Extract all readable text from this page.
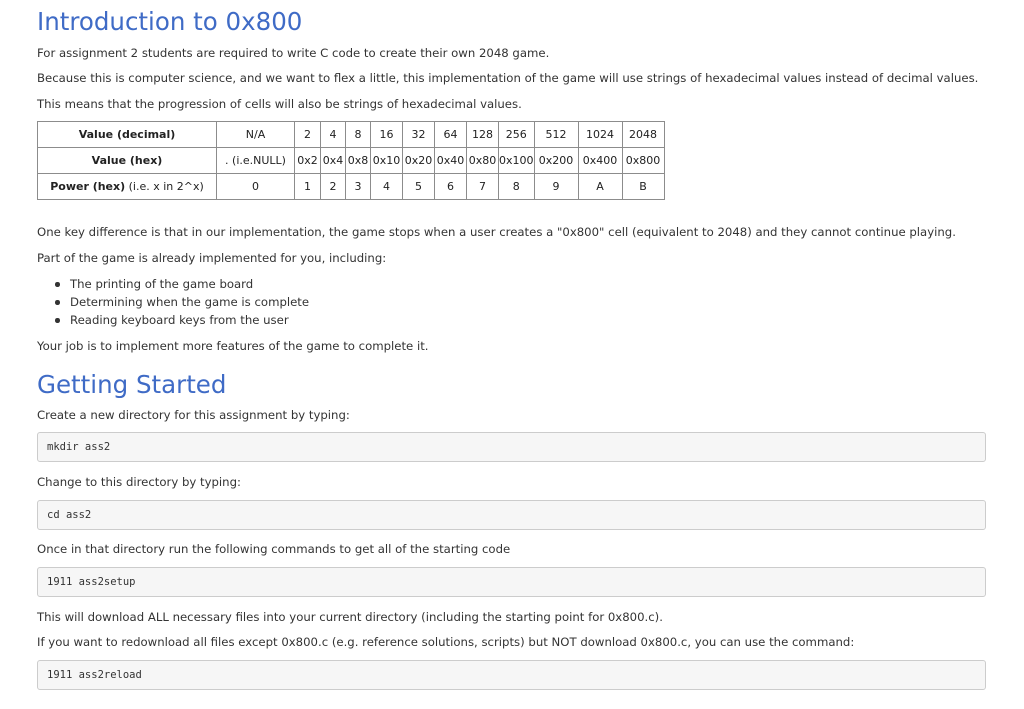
Introduction to 0x800

For assignment 2 students are required to write C code to create their own 2048 game.

Because this is computer science, and we want to flex a little, this implementation of the game will use strings of hexadecimal values instead of decimal values.

This means that the progression of cells will also be strings of hexadecimal values.

Value (decimal)	N/A	2	4	8	16	32	64	128	256	512	1024	2048
Value (hex)	. (i.e.NULL)	0x2	0x4	0x8	0x10	0x20	0x40	0x80	0x100	0x200	0x400	0x800
Power (hex) (i.e. x in 2^x)	0	1	2	3	4	5	6	7	8	9	A	B

One key difference is that in our implementation, the game stops when a user creates a "0x800" cell (equivalent to 2048) and they cannot continue playing.

Part of the game is already implemented for you, including:

The printing of the game board
Determining when the game is complete
Reading keyboard keys from the user

Your job is to implement more features of the game to complete it.

Getting Started

Create a new directory for this assignment by typing:

mkdir ass2

Change to this directory by typing:

cd ass2

Once in that directory run the following commands to get all of the starting code

1911 ass2setup

This will download ALL necessary files into your current directory (including the starting point for 0x800.c).

If you want to redownload all files except 0x800.c (e.g. reference solutions, scripts) but NOT download 0x800.c, you can use the command:

1911 ass2reload
